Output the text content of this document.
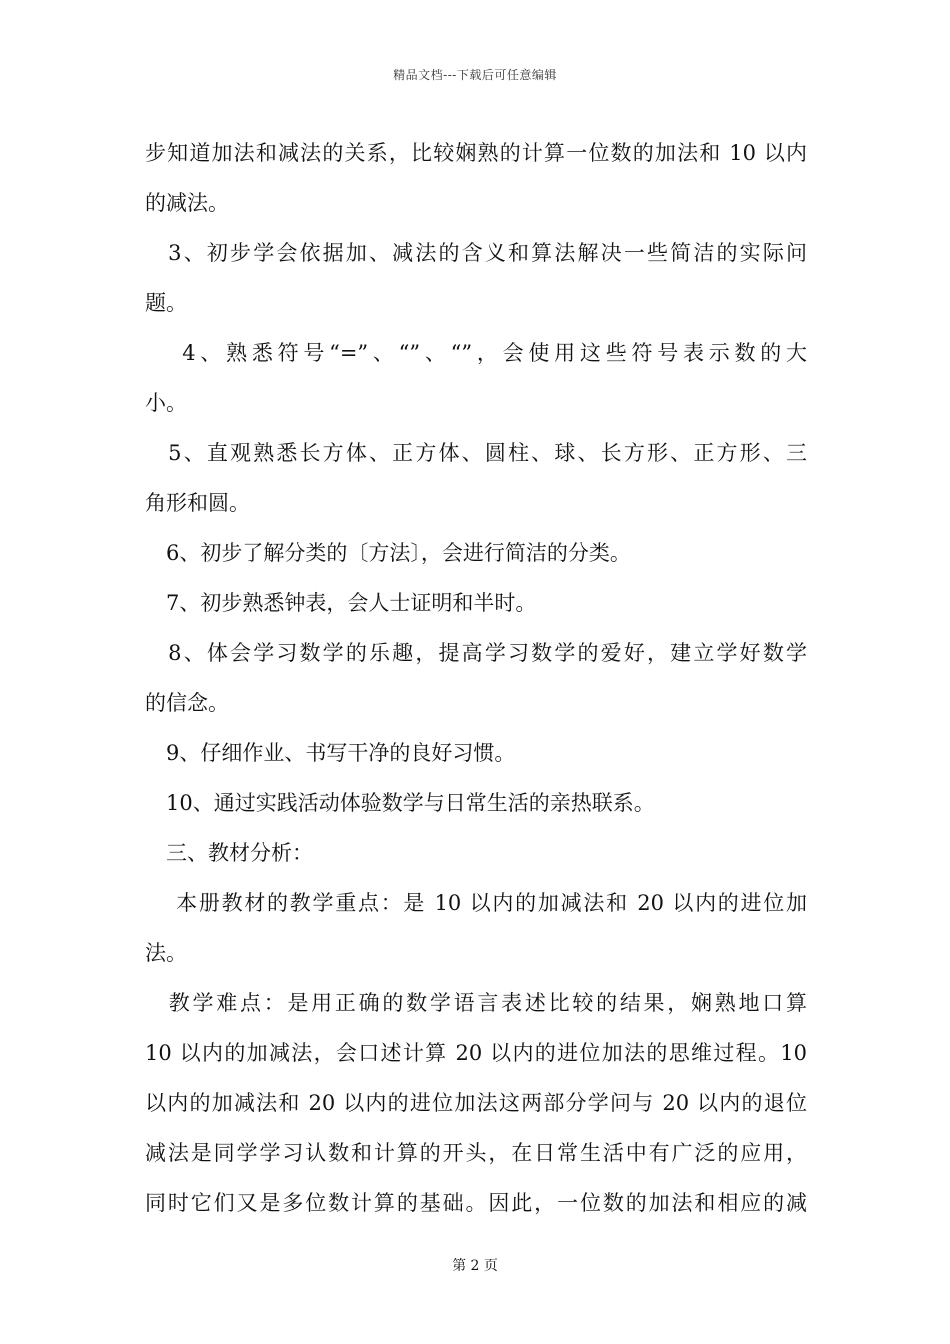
精品文档---下载后可任意编辑
步知道加法和减法的关系，比较娴熟的计算一位数的加法和 10 以内
的减法。
　3、初步学会依据加、减法的含义和算法解决一些简洁的实际问
题。
　 4、熟悉符号“=”、“”、“”，会使用这些符号表示数的大
小。
　5、直观熟悉长方体、正方体、圆柱、球、长方形、正方形、三
角形和圆。
　6、初步了解分类的〔方法〕，会进行简洁的分类。
　7、初步熟悉钟表，会人士证明和半时。
　8、体会学习数学的乐趣，提高学习数学的爱好，建立学好数学
的信念。
　9、仔细作业、书写干净的良好习惯。
　10、通过实践活动体验数学与日常生活的亲热联系。
　三、教材分析：
　 本册教材的教学重点：是 10 以内的加减法和 20 以内的进位加
法。
　教学难点：是用正确的数学语言表述比较的结果，娴熟地口算
10 以内的加减法，会口述计算 20 以内的进位加法的思维过程。10
以内的加减法和 20 以内的进位加法这两部分学问与 20 以内的退位
减法是同学学习认数和计算的开头，在日常生活中有广泛的应用，
同时它们又是多位数计算的基础。因此，一位数的加法和相应的减
第 2 页
